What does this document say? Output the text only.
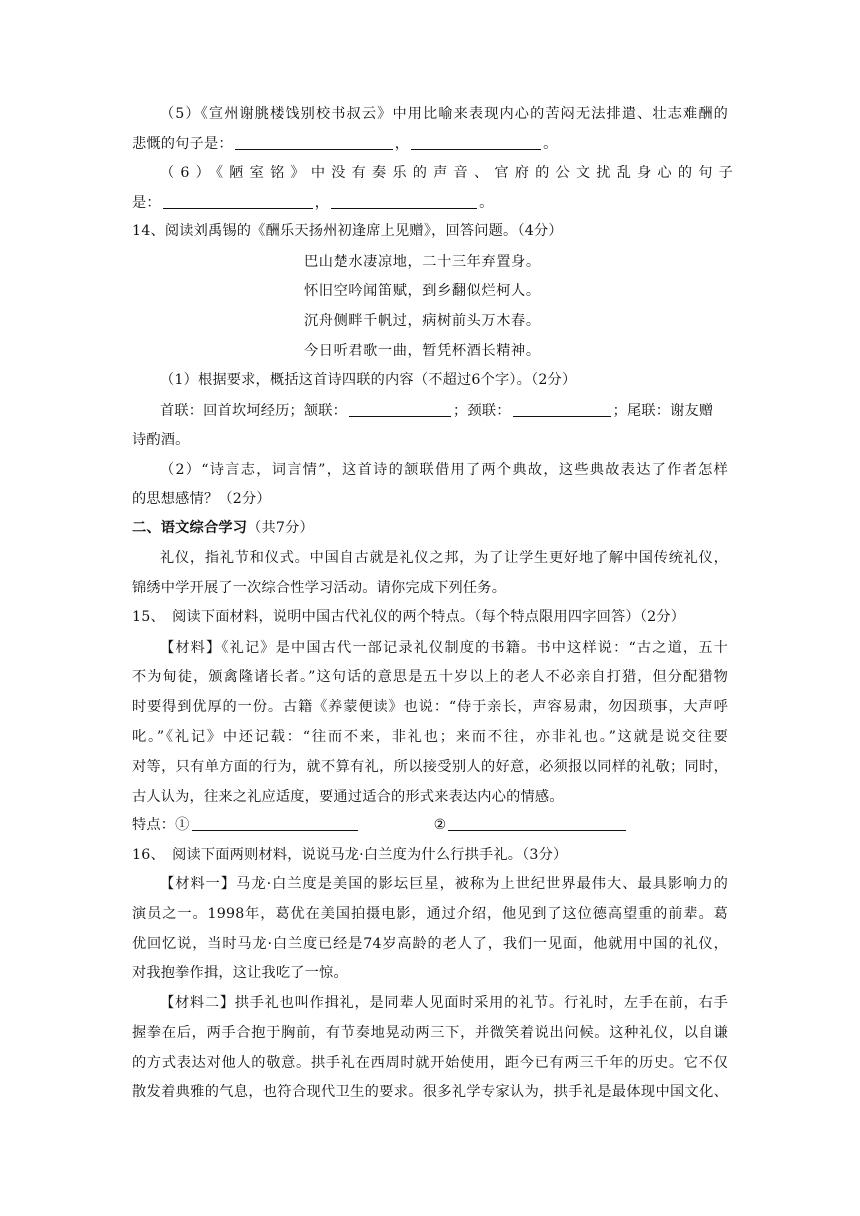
（5）《宣州谢朓楼饯别校书叔云》中用比喻来表现内心的苦闷无法排遣、壮志难酬的
悲慨的句子是：	，	。
（6）《陋室铭》中没有奏乐的声音、官府的公文扰乱身心的句子
是：	，	。
14、阅读刘禹锡的《酬乐天扬州初逢席上见赠》，回答问题。（4分）
巴山楚水凄凉地，二十三年弃置身。
怀旧空吟闻笛赋，到乡翻似烂柯人。
沉舟侧畔千帆过，病树前头万木春。
今日听君歌一曲，暂凭杯酒长精神。
（1）根据要求，概括这首诗四联的内容（不超过6个字）。（2分）
首联：回首坎坷经历；颔联：	；颈联：	；尾联：谢友赠
诗酌酒。
（2）“诗言志，词言情”，这首诗的颔联借用了两个典故，这些典故表达了作者怎样
的思想感情？（2分）
二、语文综合学习（共7分）
礼仪，指礼节和仪式。中国自古就是礼仪之邦，为了让学生更好地了解中国传统礼仪，
锦绣中学开展了一次综合性学习活动。请你完成下列任务。
15、　阅读下面材料，说明中国古代礼仪的两个特点。（每个特点限用四字回答）（2分）
【材料】《礼记》是中国古代一部记录礼仪制度的书籍。书中这样说：“古之道，五十
不为甸徒，颁禽隆诸长者。”这句话的意思是五十岁以上的老人不必亲自打猎，但分配猎物
时要得到优厚的一份。古籍《养蒙便读》也说：“侍于亲长，声容易肃，勿因琐事，大声呼
叱。”《礼记》中还记载：“往而不来，非礼也；来而不往，亦非礼也。”这就是说交往要
对等，只有单方面的行为，就不算有礼，所以接受别人的好意，必须报以同样的礼敬；同时，
古人认为，往来之礼应适度，要通过适合的形式来表达内心的情感。
特点：①	②
16、　阅读下面两则材料，说说马龙·白兰度为什么行拱手礼。（3分）
【材料一】马龙·白兰度是美国的影坛巨星，被称为上世纪世界最伟大、最具影响力的
演员之一。1998年，葛优在美国拍摄电影，通过介绍，他见到了这位德高望重的前辈。葛
优回忆说，当时马龙·白兰度已经是74岁高龄的老人了，我们一见面，他就用中国的礼仪，
对我抱拳作揖，这让我吃了一惊。
【材料二】拱手礼也叫作揖礼，是同辈人见面时采用的礼节。行礼时，左手在前，右手
握拳在后，两手合抱于胸前，有节奏地晃动两三下，并微笑着说出问候。这种礼仪，以自谦
的方式表达对他人的敬意。拱手礼在西周时就开始使用，距今已有两三千年的历史。它不仅
散发着典雅的气息，也符合现代卫生的要求。很多礼学专家认为，拱手礼是最体现中国文化、
